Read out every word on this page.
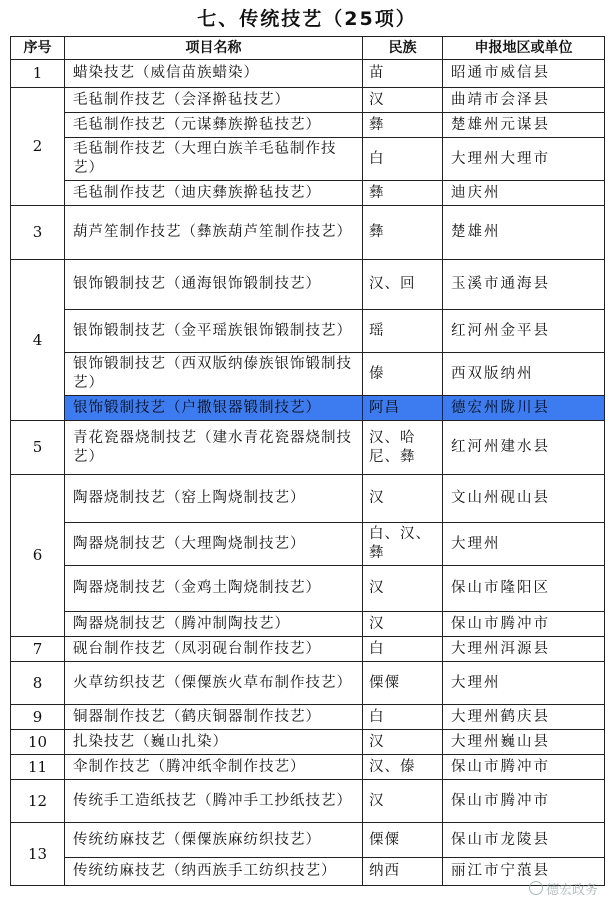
七、传统技艺（25项）
序号	项目名称	民族	申报地区或单位
1	蜡染技艺（威信苗族蜡染）	苗	昭通市威信县
2	毛毡制作技艺（会泽擀毡技艺）	汉	曲靖市会泽县
	毛毡制作技艺（元谋彝族擀毡技艺）	彝	楚雄州元谋县
	毛毡制作技艺（大理白族羊毛毡制作技艺）	白	大理州大理市
	毛毡制作技艺（迪庆彝族擀毡技艺）	彝	迪庆州
3	葫芦笙制作技艺（彝族葫芦笙制作技艺）	彝	楚雄州
4	银饰锻制技艺（通海银饰锻制技艺）	汉、回	玉溪市通海县
	银饰锻制技艺（金平瑶族银饰锻制技艺）	瑶	红河州金平县
	银饰锻制技艺（西双版纳傣族银饰锻制技艺）	傣	西双版纳州
	银饰锻制技艺（户撒银器锻制技艺）	阿昌	德宏州陇川县
5	青花瓷器烧制技艺（建水青花瓷器烧制技艺）	汉、哈尼、彝	红河州建水县
6	陶器烧制技艺（窑上陶烧制技艺）	汉	文山州砚山县
	陶器烧制技艺（大理陶烧制技艺）	白、汉、彝	大理州
	陶器烧制技艺（金鸡土陶烧制技艺）	汉	保山市隆阳区
	陶器烧制技艺（腾冲制陶技艺）	汉	保山市腾冲市
7	砚台制作技艺（凤羽砚台制作技艺）	白	大理州洱源县
8	火草纺织技艺（傈僳族火草布制作技艺）	傈僳	大理州
9	铜器制作技艺（鹤庆铜器制作技艺）	白	大理州鹤庆县
10	扎染技艺（巍山扎染）	汉	大理州巍山县
11	伞制作技艺（腾冲纸伞制作技艺）	汉、傣	保山市腾冲市
12	传统手工造纸技艺（腾冲手工抄纸技艺）	汉	保山市腾冲市
13	传统纺麻技艺（傈僳族麻纺织技艺）	傈僳	保山市龙陵县
	传统纺麻技艺（纳西族手工纺织技艺）	纳西	丽江市宁蒗县
德宏政务
